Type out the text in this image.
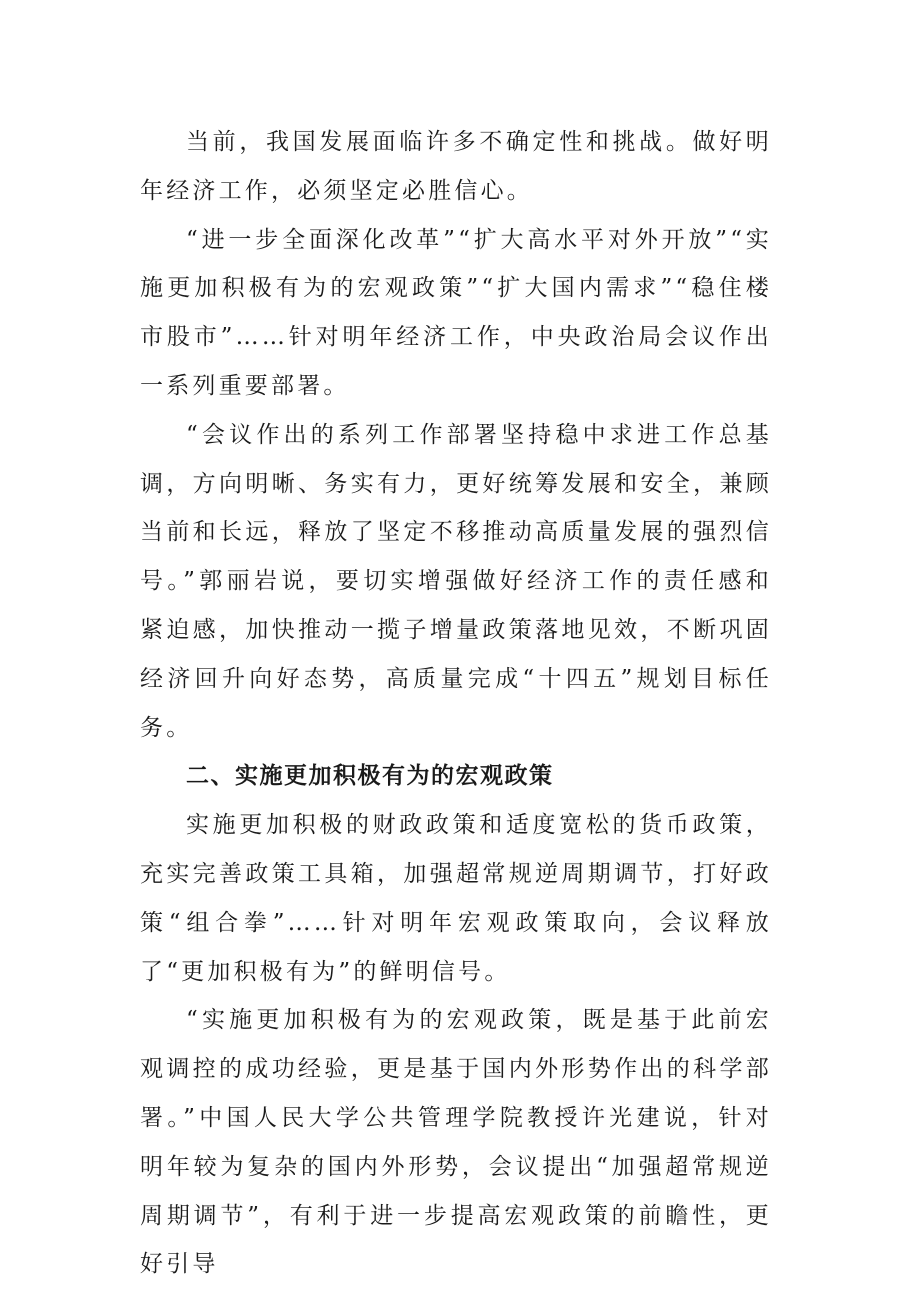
当前，我国发展面临许多不确定性和挑战。做好明年经济工作，必须坚定必胜信心。

“进一步全面深化改革”“扩大高水平对外开放”“实施更加积极有为的宏观政策”“扩大国内需求”“稳住楼市股市”……针对明年经济工作，中央政治局会议作出一系列重要部署。

“会议作出的系列工作部署坚持稳中求进工作总基调，方向明晰、务实有力，更好统筹发展和安全，兼顾当前和长远，释放了坚定不移推动高质量发展的强烈信号。”郭丽岩说，要切实增强做好经济工作的责任感和紧迫感，加快推动一揽子增量政策落地见效，不断巩固经济回升向好态势，高质量完成“十四五”规划目标任务。

二、实施更加积极有为的宏观政策

实施更加积极的财政政策和适度宽松的货币政策，充实完善政策工具箱，加强超常规逆周期调节，打好政策“组合拳”……针对明年宏观政策取向，会议释放了“更加积极有为”的鲜明信号。

“实施更加积极有为的宏观政策，既是基于此前宏观调控的成功经验，更是基于国内外形势作出的科学部署。”中国人民大学公共管理学院教授许光建说，针对明年较为复杂的国内外形势，会议提出“加强超常规逆周期调节”，有利于进一步提高宏观政策的前瞻性，更好引导
